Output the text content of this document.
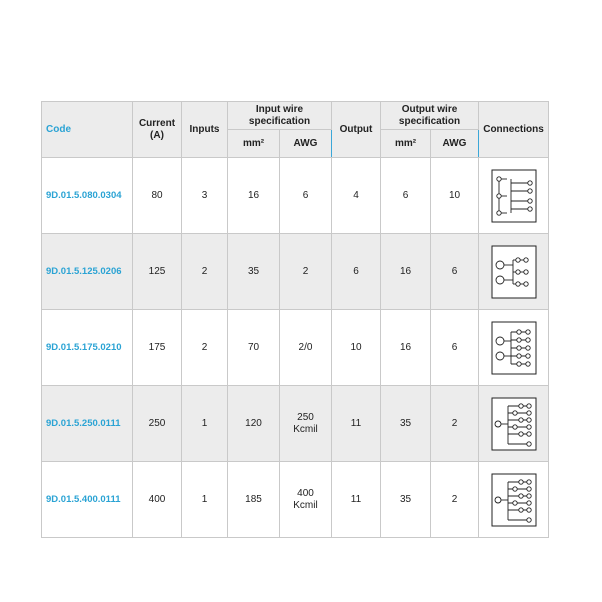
Code	Current (A)	Inputs	Input wire specification		Output	Output wire specification		Connections
			mm²	AWG		mm²	AWG	
9D.01.5.080.0304	80	3	16	6	4	6	10	

9D.01.5.125.0206	125	2	35	2	6	16	6	

9D.01.5.175.0210	175	2	70	2/0	10	16	6	

9D.01.5.250.0111	250	1	120	250 Kcmil	11	35	2	

9D.01.5.400.0111	400	1	185	400 Kcmil	11	35	2	
